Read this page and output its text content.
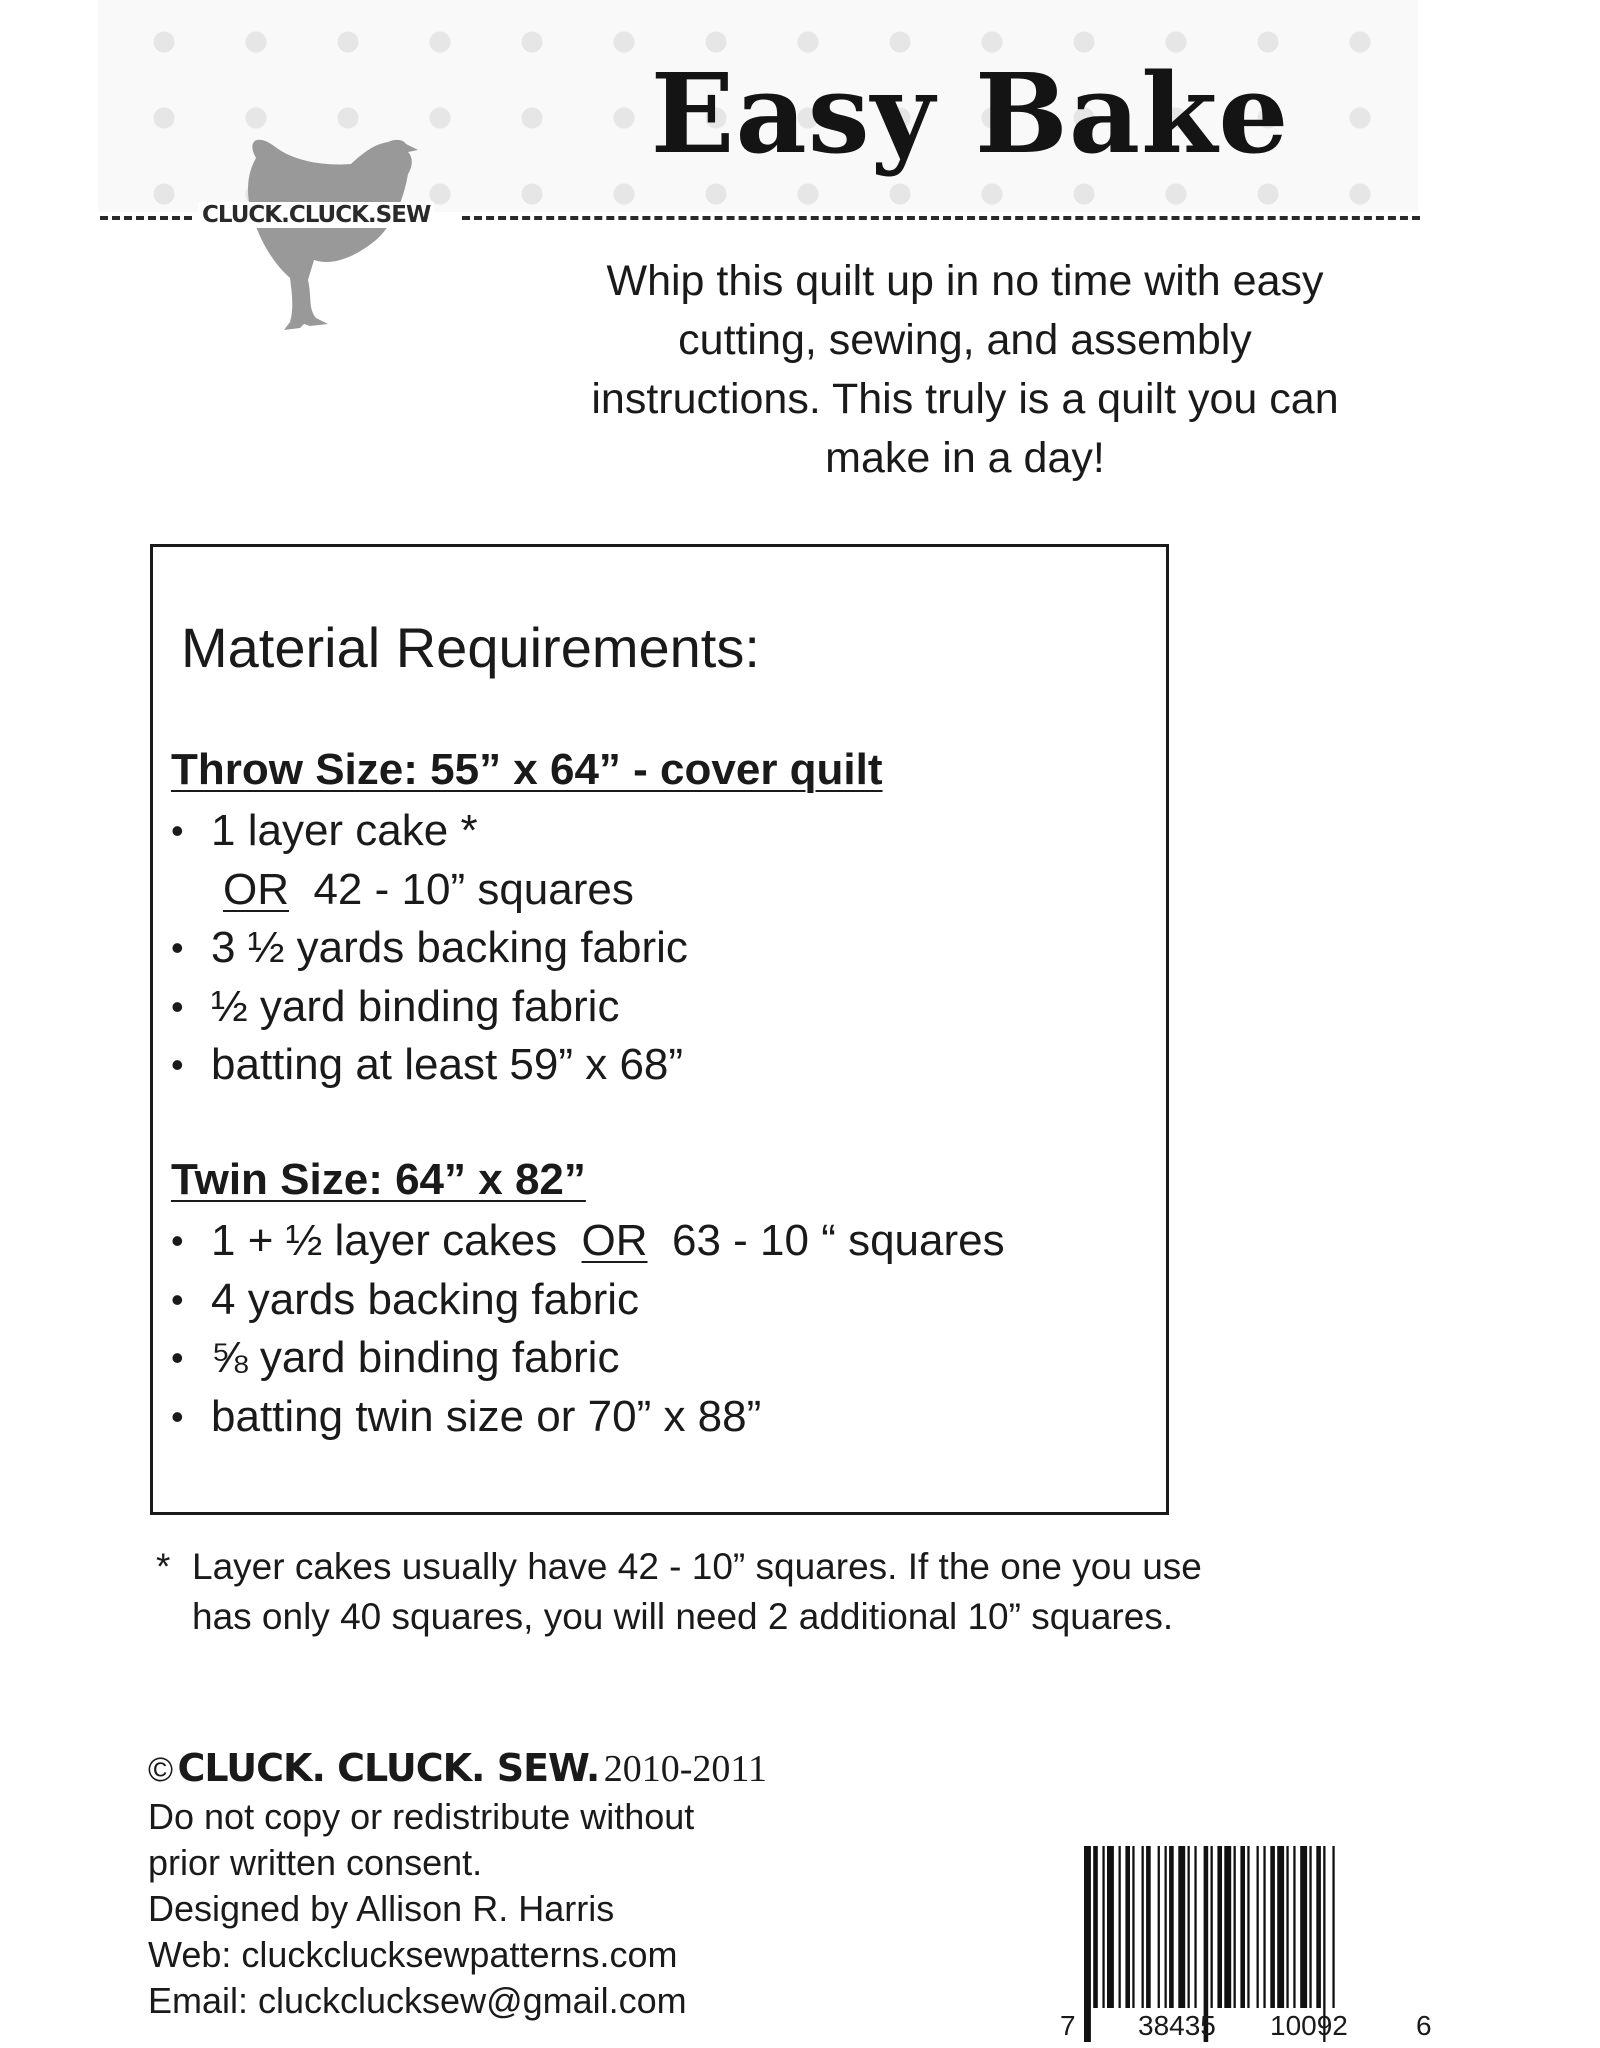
Easy Bake
CLUCK.CLUCK.SEW

Whip this quilt up in no time with easy
cutting, sewing, and assembly
instructions. This truly is a quilt you can
make in a day!

Material Requirements:
Throw Size: 55” x 64” - cover quilt
• 1 layer cake *
OR 42 - 10” squares
• 3 ½ yards backing fabric
• ½ yard binding fabric
• batting at least 59” x 68”
Twin Size: 64” x 82”
• 1 + ½ layer cakes OR 63 - 10 “ squares
• 4 yards backing fabric
• ⅝ yard binding fabric
• batting twin size or 70” x 88”
* Layer cakes usually have 42 - 10” squares. If the one you use
has only 40 squares, you will need 2 additional 10” squares.
© CLUCK. CLUCK. SEW. 2010-2011
Do not copy or redistribute without
prior written consent.
Designed by Allison R. Harris
Web: cluckclucksewpatterns.com
Email: cluckclucksew@gmail.com
7 38435 10092 6
